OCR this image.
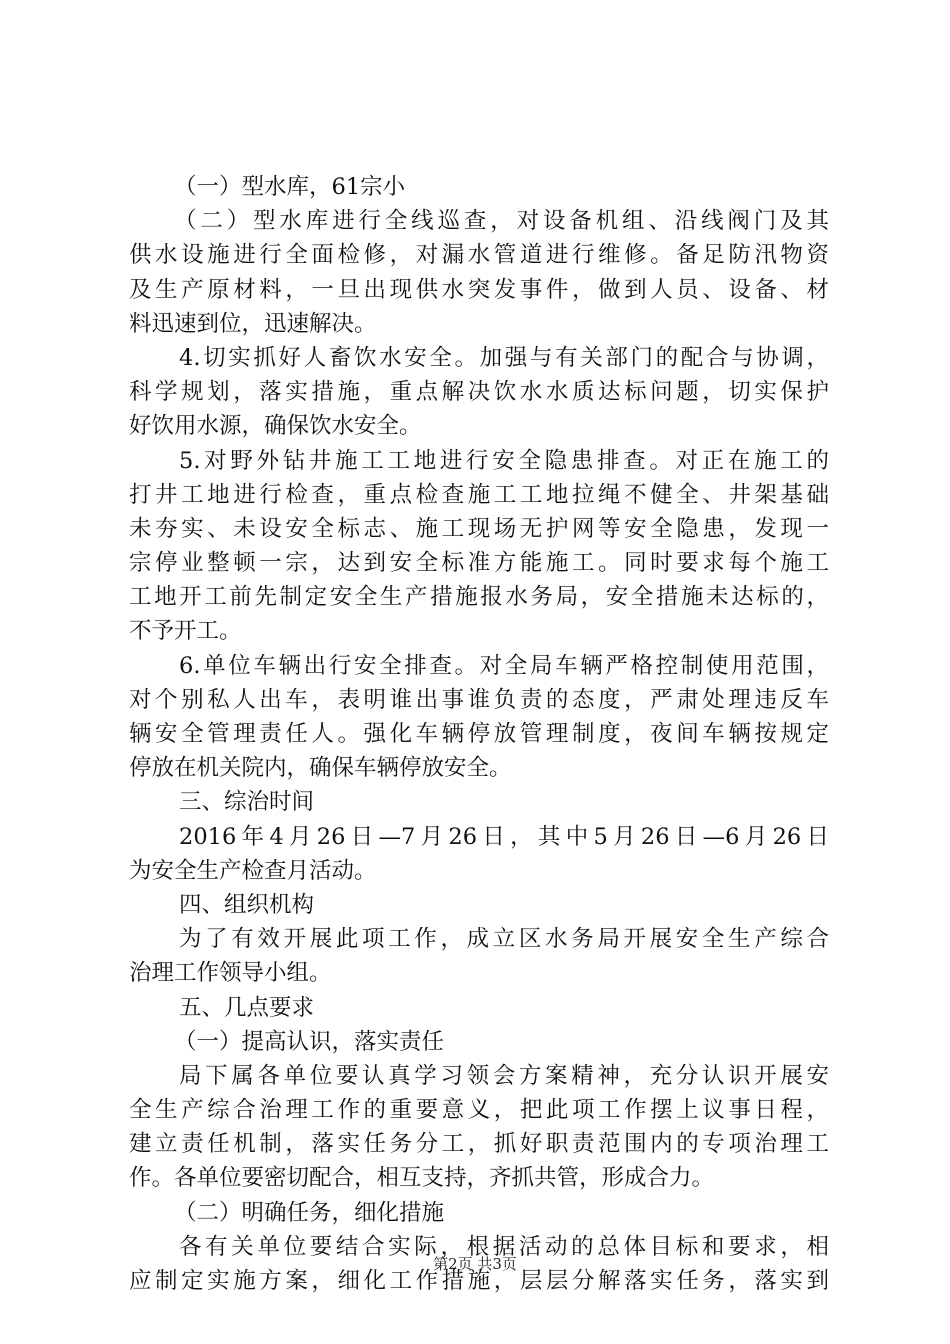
（一）型水库，61宗小
（二）型水库进行全线巡查，对设备机组、沿线阀门及其
供水设施进行全面检修，对漏水管道进行维修。备足防汛物资
及生产原材料，一旦出现供水突发事件，做到人员、设备、材
料迅速到位，迅速解决。
4.切实抓好人畜饮水安全。加强与有关部门的配合与协调，
科学规划，落实措施，重点解决饮水水质达标问题，切实保护
好饮用水源，确保饮水安全。
5.对野外钻井施工工地进行安全隐患排查。对正在施工的
打井工地进行检查，重点检查施工工地拉绳不健全、井架基础
未夯实、未设安全标志、施工现场无护网等安全隐患，发现一
宗停业整顿一宗，达到安全标准方能施工。同时要求每个施工
工地开工前先制定安全生产措施报水务局，安全措施未达标的，
不予开工。
6.单位车辆出行安全排查。对全局车辆严格控制使用范围，
对个别私人出车，表明谁出事谁负责的态度，严肃处理违反车
辆安全管理责任人。强化车辆停放管理制度，夜间车辆按规定
停放在机关院内，确保车辆停放安全。
三、综治时间
2016年4月26日—7月26日，其中5月26日—6月26日
为安全生产检查月活动。
四、组织机构
为了有效开展此项工作，成立区水务局开展安全生产综合
治理工作领导小组。
五、几点要求
（一）提高认识，落实责任
局下属各单位要认真学习领会方案精神，充分认识开展安
全生产综合治理工作的重要意义，把此项工作摆上议事日程，
建立责任机制，落实任务分工，抓好职责范围内的专项治理工
作。各单位要密切配合，相互支持，齐抓共管，形成合力。
（二）明确任务，细化措施
各有关单位要结合实际，根据活动的总体目标和要求，相
应制定实施方案，细化工作措施，层层分解落实任务，落实到
第2页 共3页
